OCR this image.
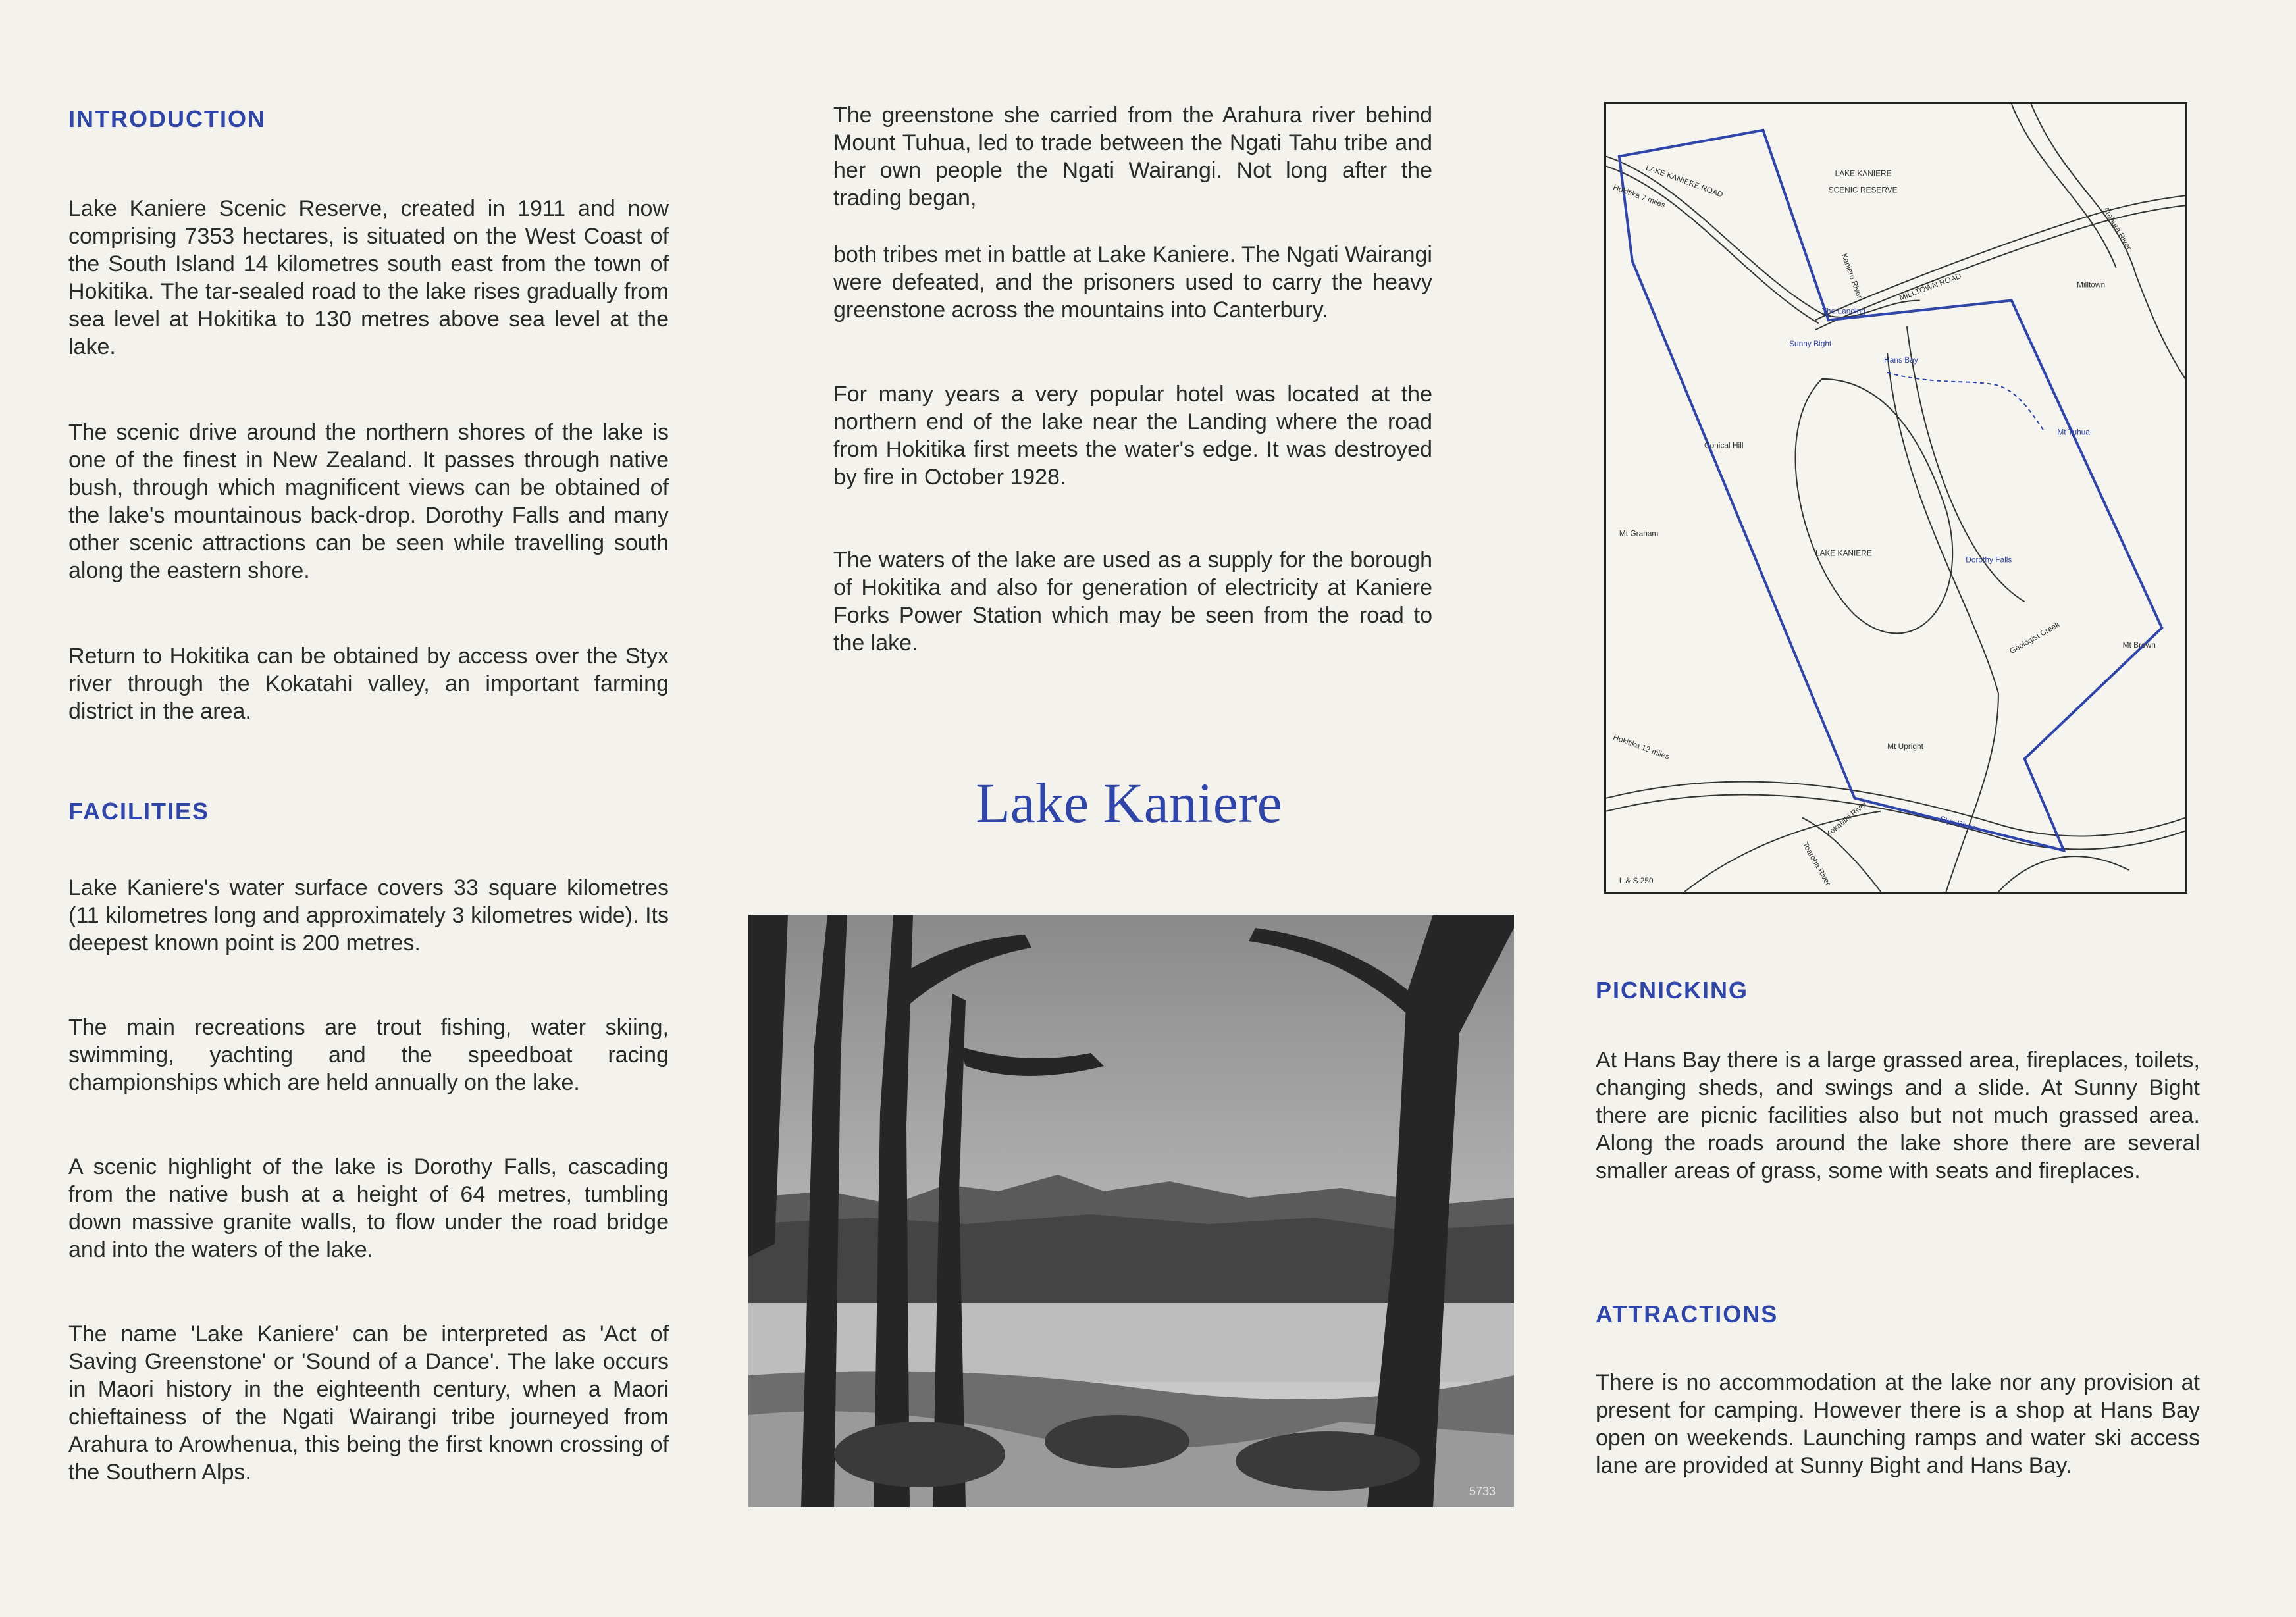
INTRODUCTION

Lake Kaniere Scenic Reserve, created in 1911 and now comprising 7353 hectares, is situated on the West Coast of the South Island 14 kilometres south east from the town of Hokitika. The tar-sealed road to the lake rises gradually from sea level at Hokitika to 130 metres above sea level at the lake.

The scenic drive around the northern shores of the lake is one of the finest in New Zealand. It passes through native bush, through which magnificent views can be obtained of the lake's mountainous back-drop. Dorothy Falls and many other scenic attractions can be seen while travelling south along the eastern shore.

Return to Hokitika can be obtained by access over the Styx river through the Kokatahi valley, an important farming district in the area.

FACILITIES

Lake Kaniere's water surface covers 33 square kilometres (11 kilometres long and approximately 3 kilometres wide). Its deepest known point is 200 metres.

The main recreations are trout fishing, water skiing, swimming, yachting and the speedboat racing championships which are held annually on the lake.

A scenic highlight of the lake is Dorothy Falls, cascading from the native bush at a height of 64 metres, tumbling down massive granite walls, to flow under the road bridge and into the waters of the lake.

The name 'Lake Kaniere' can be interpreted as 'Act of Saving Greenstone' or 'Sound of a Dance'. The lake occurs in Maori history in the eighteenth century, when a Maori chieftainess of the Ngati Wairangi tribe journeyed from Arahura to Arowhenua, this being the first known crossing of the Southern Alps.

The greenstone she carried from the Arahura river behind Mount Tuhua, led to trade between the Ngati Tahu tribe and her own people the Ngati Wairangi. Not long after the trading began,

both tribes met in battle at Lake Kaniere. The Ngati Wairangi were defeated, and the prisoners used to carry the heavy greenstone across the mountains into Canterbury.

For many years a very popular hotel was located at the northern end of the lake near the Landing where the road from Hokitika first meets the water's edge. It was destroyed by fire in October 1928.

The waters of the lake are used as a supply for the borough of Hokitika and also for generation of electricity at Kaniere Forks Power Station which may be seen from the road to the lake.

Lake Kaniere
5733
LAKE KANIERE
SCENIC RESERVE
LAKE KANIERE
LAKE KANIERE ROAD
Hokitika 7 miles
MILLTOWN ROAD
Kaniere River
Arahura River
Milltown
The Landing
Sunny Bight
Hans Bay
Mt Tuhua
Conical Hill
Mt Graham
Dorothy Falls
Geologist Creek	Mt Brown
Mt Upright
Hokitika 12 miles
Styx River
Kokatahi River
Toaroha River
L & S 250
PICNICKING

At Hans Bay there is a large grassed area, fireplaces, toilets, changing sheds, and swings and a slide. At Sunny Bight there are picnic facilities also but not much grassed area. Along the roads around the lake shore there are several smaller areas of grass, some with seats and fireplaces.

ATTRACTIONS

There is no accommodation at the lake nor any provision at present for camping. However there is a shop at Hans Bay open on weekends. Launching ramps and water ski access lane are provided at Sunny Bight and Hans Bay.
